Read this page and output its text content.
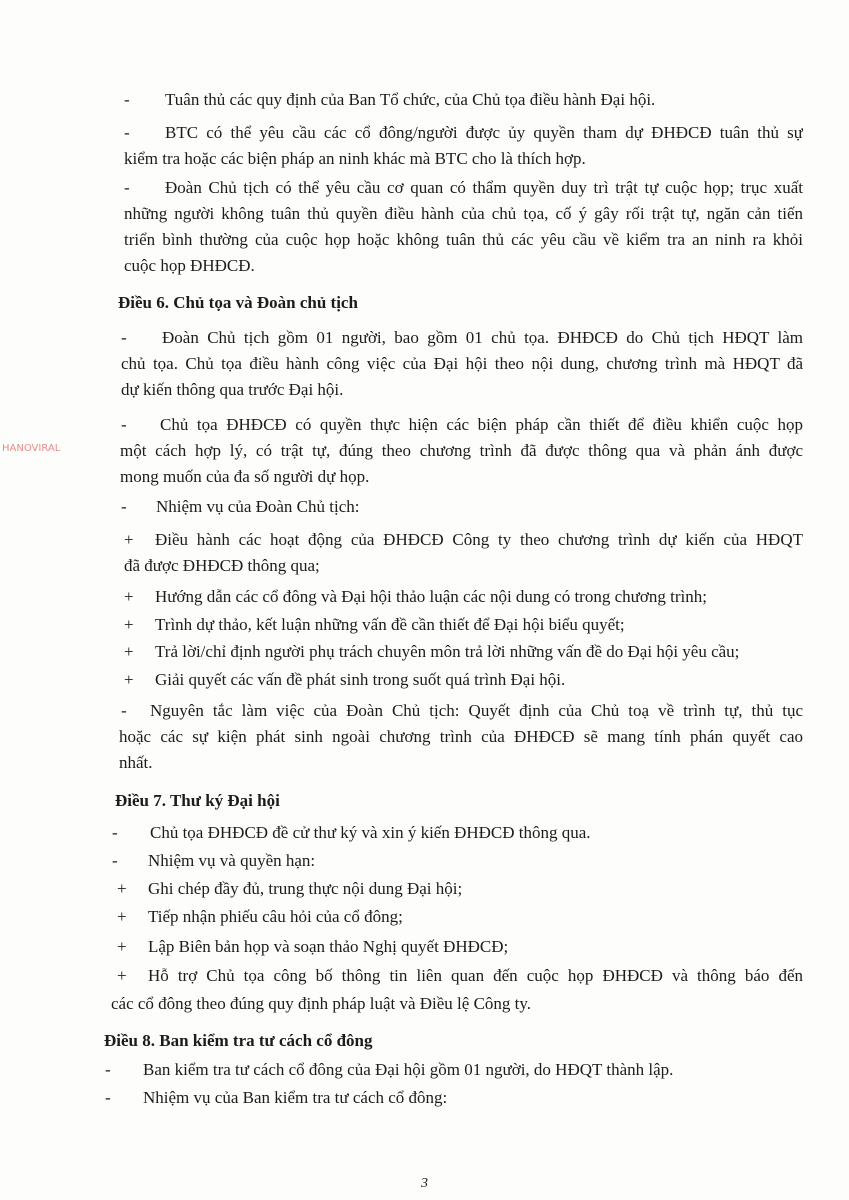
HANOVIRAL
- Tuân thủ các quy định của Ban Tổ chức, của Chủ tọa điều hành Đại hội.
- BTC có thể yêu cầu các cổ đông/người được ủy quyền tham dự ĐHĐCĐ tuân thủ sự
kiểm tra hoặc các biện pháp an ninh khác mà BTC cho là thích hợp.
- Đoàn Chủ tịch có thể yêu cầu cơ quan có thẩm quyền duy trì trật tự cuộc họp; trục xuất
những người không tuân thủ quyền điều hành của chủ tọa, cố ý gây rối trật tự, ngăn cản tiến
triển bình thường của cuộc họp hoặc không tuân thủ các yêu cầu về kiểm tra an ninh ra khỏi
cuộc họp ĐHĐCĐ.
Điều 6. Chủ tọa và Đoàn chủ tịch
- Đoàn Chủ tịch gồm 01 người, bao gồm 01 chủ tọa. ĐHĐCĐ do Chủ tịch HĐQT làm
chủ tọa. Chủ tọa điều hành công việc của Đại hội theo nội dung, chương trình mà HĐQT đã
dự kiến thông qua trước Đại hội.
- Chủ tọa ĐHĐCĐ có quyền thực hiện các biện pháp cần thiết để điều khiển cuộc họp
một cách hợp lý, có trật tự, đúng theo chương trình đã được thông qua và phản ánh được
mong muốn của đa số người dự họp.
- Nhiệm vụ của Đoàn Chủ tịch:
+ Điều hành các hoạt động của ĐHĐCĐ Công ty theo chương trình dự kiến của HĐQT
đã được ĐHĐCĐ thông qua;
+ Hướng dẫn các cổ đông và Đại hội thảo luận các nội dung có trong chương trình;
+ Trình dự thảo, kết luận những vấn đề cần thiết để Đại hội biểu quyết;
+ Trả lời/chỉ định người phụ trách chuyên môn trả lời những vấn đề do Đại hội yêu cầu;
+ Giải quyết các vấn đề phát sinh trong suốt quá trình Đại hội.
- Nguyên tắc làm việc của Đoàn Chủ tịch: Quyết định của Chủ toạ về trình tự, thủ tục
hoặc các sự kiện phát sinh ngoài chương trình của ĐHĐCĐ sẽ mang tính phán quyết cao
nhất.
Điều 7. Thư ký Đại hội
- Chủ tọa ĐHĐCĐ đề cử thư ký và xin ý kiến ĐHĐCĐ thông qua.
- Nhiệm vụ và quyền hạn:
+ Ghi chép đầy đủ, trung thực nội dung Đại hội;
+ Tiếp nhận phiếu câu hỏi của cổ đông;
+ Lập Biên bản họp và soạn thảo Nghị quyết ĐHĐCĐ;
+ Hỗ trợ Chủ tọa công bố thông tin liên quan đến cuộc họp ĐHĐCĐ và thông báo đến
các cổ đông theo đúng quy định pháp luật và Điều lệ Công ty.
Điều 8. Ban kiểm tra tư cách cổ đông
- Ban kiểm tra tư cách cổ đông của Đại hội gồm 01 người, do HĐQT thành lập.
- Nhiệm vụ của Ban kiểm tra tư cách cổ đông:
3
